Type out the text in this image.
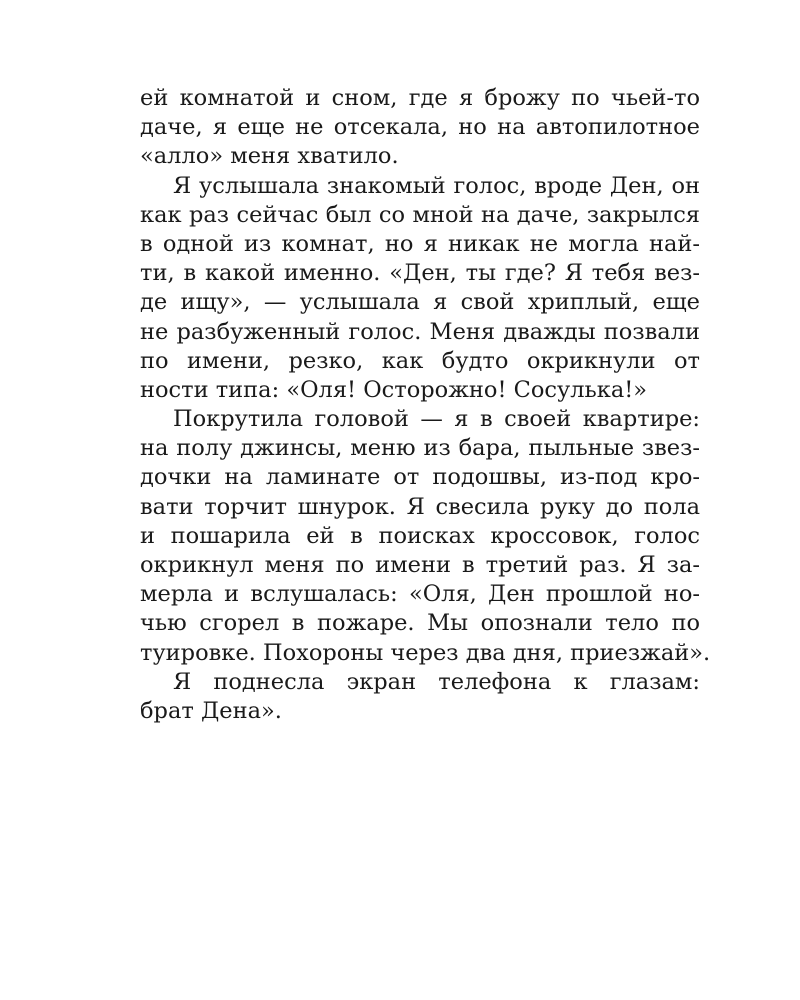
ей комнатой и сном, где я брожу по чьей-то
даче, я еще не отсекала, но на автопилотное
«алло» меня хватило.
Я услышала знакомый голос, вроде Ден, он
как раз сейчас был со мной на даче, закрылся
в одной из комнат, но я никак не могла най-
ти, в какой именно. «Ден, ты где? Я тебя вез-
де ищу», — услышала я свой хриплый, еще
не разбуженный голос. Меня дважды позвали
по имени, резко, как будто окрикнули от
ности типа: «Оля! Осторожно! Сосулька!»
Покрутила головой — я в своей квартире:
на полу джинсы, меню из бара, пыльные звез-
дочки на ламинате от подошвы, из-под кро-
вати торчит шнурок. Я свесила руку до пола
и пошарила ей в поисках кроссовок, голос
окрикнул меня по имени в третий раз. Я за-
мерла и вслушалась: «Оля, Ден прошлой но-
чью сгорел в пожаре. Мы опознали тело по
туировке. Похороны через два дня, приезжай».
Я поднесла экран телефона к глазам:
брат Дена».
